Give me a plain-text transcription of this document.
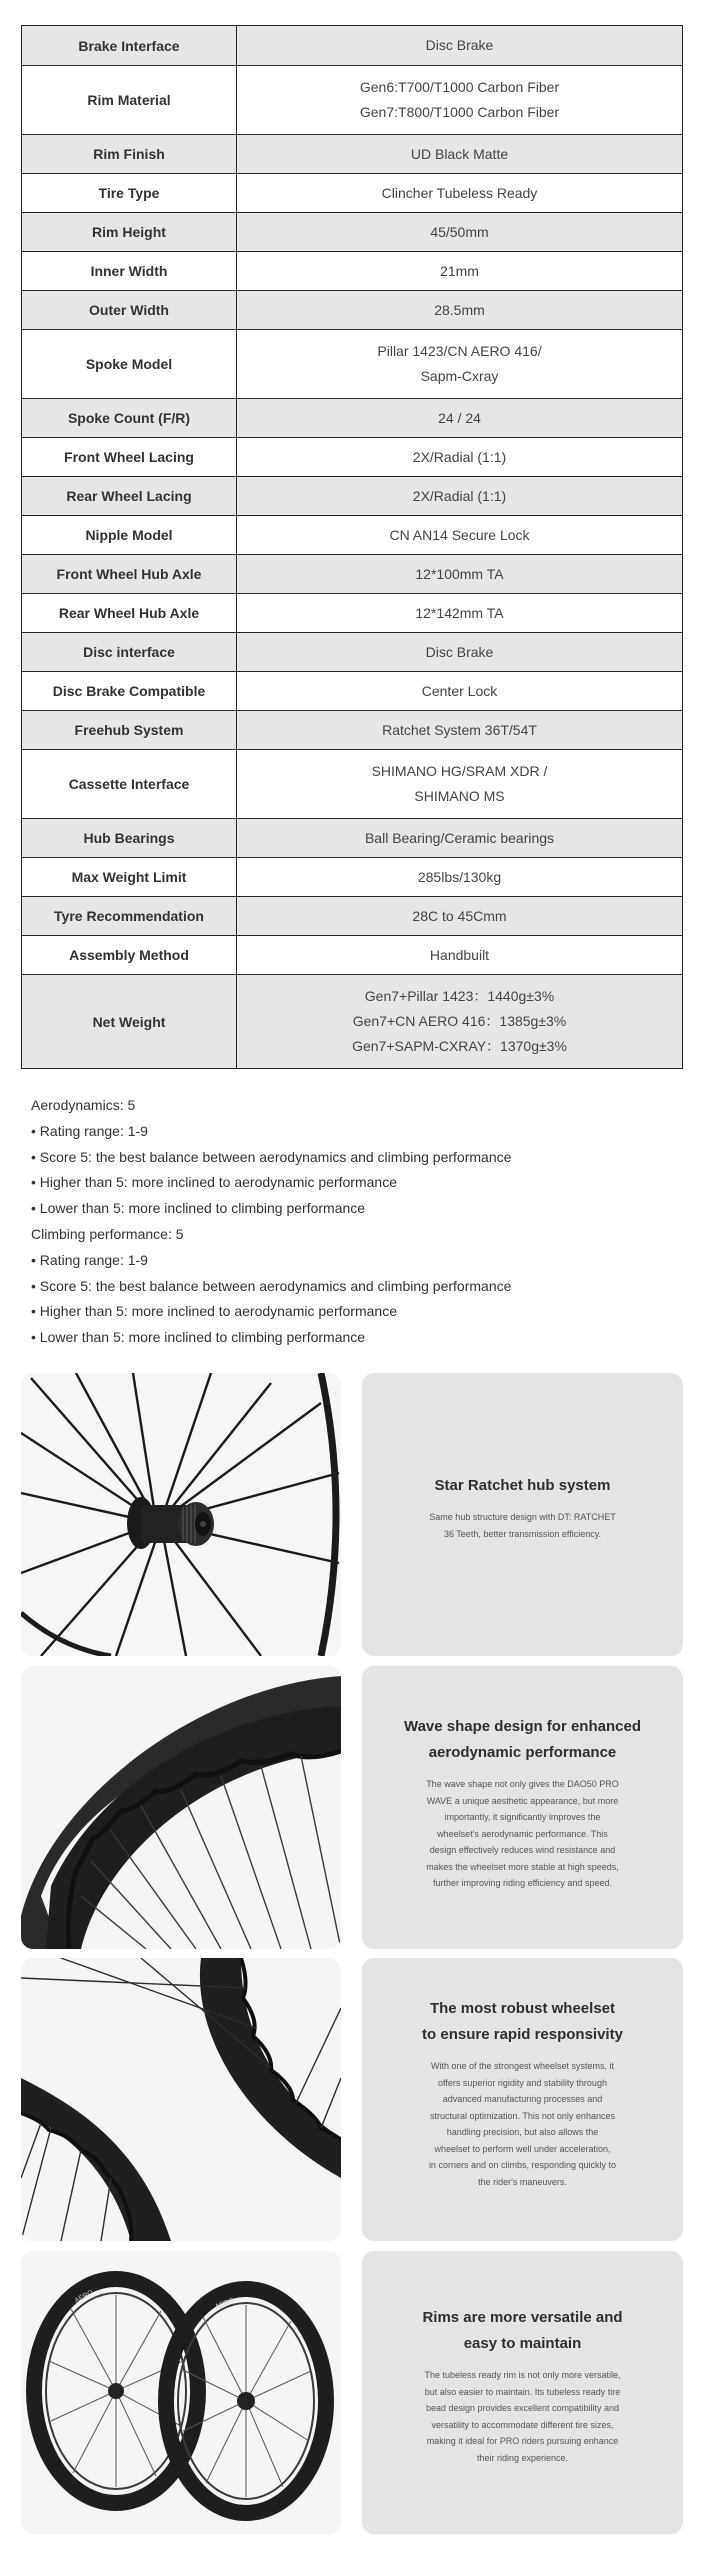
Brake Interface	Disc Brake

Rim Material	Gen6:T700/T1000 Carbon Fiber
Gen7:T800/T1000 Carbon Fiber

Rim Finish	UD Black Matte

Tire Type	Clincher Tubeless Ready

Rim Height	45/50mm

Inner Width	21mm

Outer Width	28.5mm

Spoke Model	Pillar 1423/CN AERO 416/
Sapm-Cxray

Spoke Count (F/R)	24 / 24

Front Wheel Lacing	2X/Radial (1:1)

Rear Wheel Lacing	2X/Radial (1:1)

Nipple Model	CN AN14 Secure Lock

Front Wheel Hub Axle	12*100mm TA

Rear Wheel Hub Axle	12*142mm TA

Disc interface	Disc Brake

Disc Brake Compatible	Center Lock

Freehub System	Ratchet System 36T/54T

Cassette Interface	SHIMANO HG/SRAM XDR /
SHIMANO MS

Hub Bearings	Ball Bearing/Ceramic bearings

Max Weight Limit	285lbs/130kg

Tyre Recommendation	28C to 45Cmm

Assembly Method	Handbuilt

Net Weight	Gen7+Pillar 1423：1440g±3%
Gen7+CN AERO 416：1385g±3%
Gen7+SAPM-CXRAY：1370g±3%
Aerodynamics: 5
• Rating range: 1-9
• Score 5: the best balance between aerodynamics and climbing performance
• Higher than 5: more inclined to aerodynamic performance
• Lower than 5: more inclined to climbing performance
Climbing performance: 5
• Rating range: 1-9
• Score 5: the best balance between aerodynamics and climbing performance
• Higher than 5: more inclined to aerodynamic performance
• Lower than 5: more inclined to climbing performance
Star Ratchet hub system

Same hub structure design with DT: RATCHET
36 Teeth, better transmission efficiency.

Wave shape design for enhanced
aerodynamic performance

The wave shape not only gives the DAO50 PRO
WAVE a unique aesthetic appearance, but more
importantly, it significantly improves the
wheelset's aerodynamic performance. This
design effectively reduces wind resistance and
makes the wheelset more stable at high speeds,
further improving riding efficiency and speed.

The most robust wheelset
to ensure rapid responsivity

With one of the strongest wheelset systems, it
offers superior rigidity and stability through
advanced manufacturing processes and
structural optimization. This not only enhances
handling precision, but also allows the
wheelset to perform well under acceleration,
in corners and on climbs, responding quickly to
the rider's maneuvers.

AERO	AERO
Rims are more versatile and
easy to maintain

The tubeless ready rim is not only more versatile,
but also easier to maintain. Its tubeless ready tire
bead design provides excellent compatibility and
versatility to accommodate different tire sizes,
making it ideal for PRO riders pursuing enhance
their riding experience.
